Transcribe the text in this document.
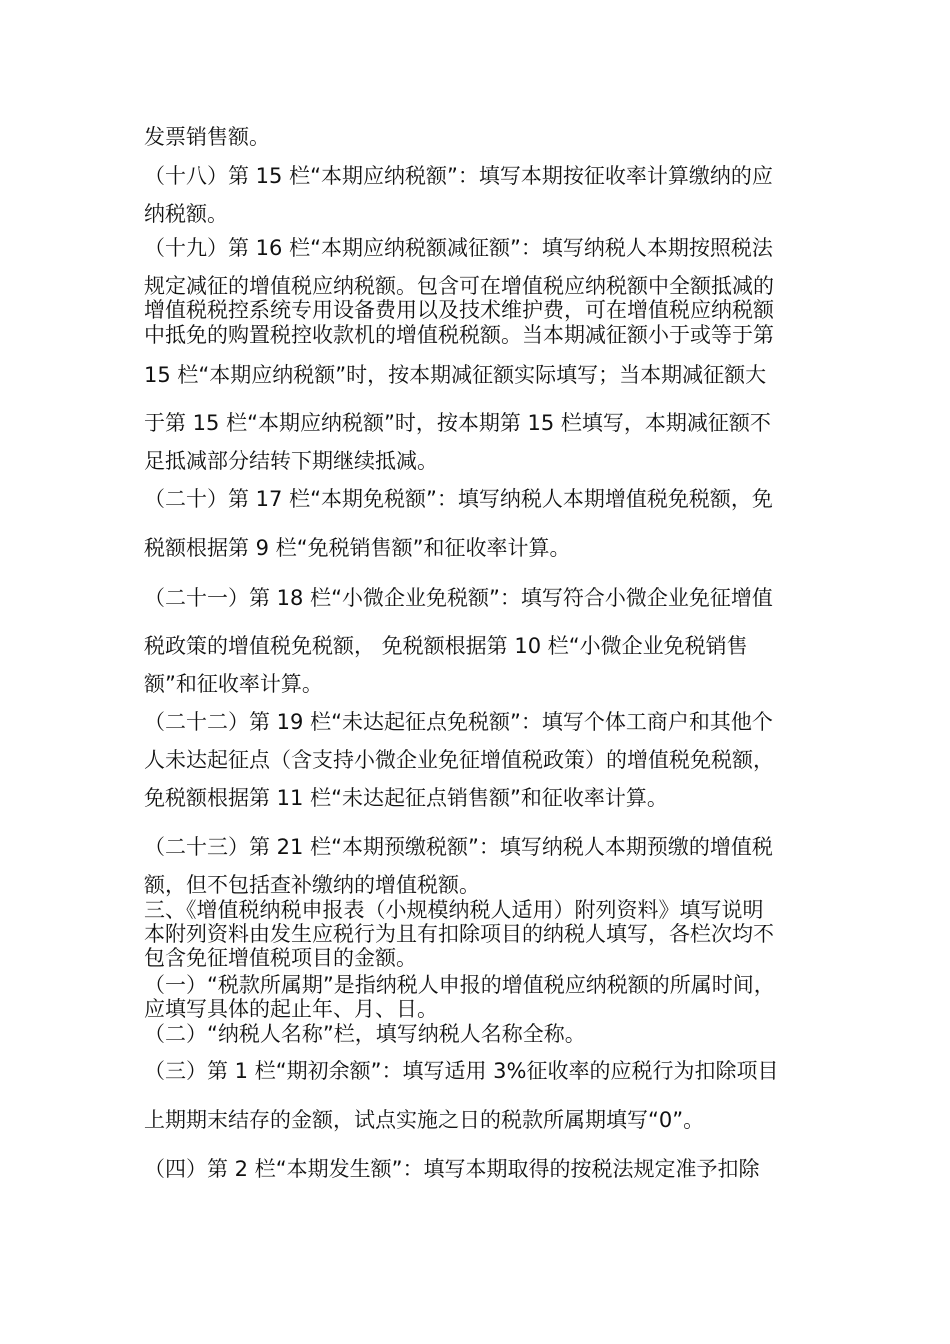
发票销售额。
（十八）第 15 栏“本期应纳税额”：填写本期按征收率计算缴纳的应
纳税额。
（十九）第 16 栏“本期应纳税额减征额”：填写纳税人本期按照税法
规定减征的增值税应纳税额。包含可在增值税应纳税额中全额抵减的
增值税税控系统专用设备费用以及技术维护费，可在增值税应纳税额
中抵免的购置税控收款机的增值税税额。当本期减征额小于或等于第
15 栏“本期应纳税额”时，按本期减征额实际填写；当本期减征额大
于第 15 栏“本期应纳税额”时，按本期第 15 栏填写，本期减征额不
足抵减部分结转下期继续抵减。
（二十）第 17 栏“本期免税额”：填写纳税人本期增值税免税额，免
税额根据第 9 栏“免税销售额”和征收率计算。
（二十一）第 18 栏“小微企业免税额”：填写符合小微企业免征增值
税政策的增值税免税额， 免税额根据第 10 栏“小微企业免税销售
额”和征收率计算。
（二十二）第 19 栏“未达起征点免税额”：填写个体工商户和其他个
人未达起征点（含支持小微企业免征增值税政策）的增值税免税额，
免税额根据第 11 栏“未达起征点销售额”和征收率计算。
（二十三）第 21 栏“本期预缴税额”：填写纳税人本期预缴的增值税
额，但不包括查补缴纳的增值税额。
三、《增值税纳税申报表（小规模纳税人适用）附列资料》填写说明
本附列资料由发生应税行为且有扣除项目的纳税人填写，各栏次均不
包含免征增值税项目的金额。
（一）“税款所属期”是指纳税人申报的增值税应纳税额的所属时间，
应填写具体的起止年、月、日。
（二）“纳税人名称”栏，填写纳税人名称全称。
（三）第 1 栏“期初余额”：填写适用 3%征收率的应税行为扣除项目
上期期末结存的金额，试点实施之日的税款所属期填写“0”。
（四）第 2 栏“本期发生额”：填写本期取得的按税法规定准予扣除
